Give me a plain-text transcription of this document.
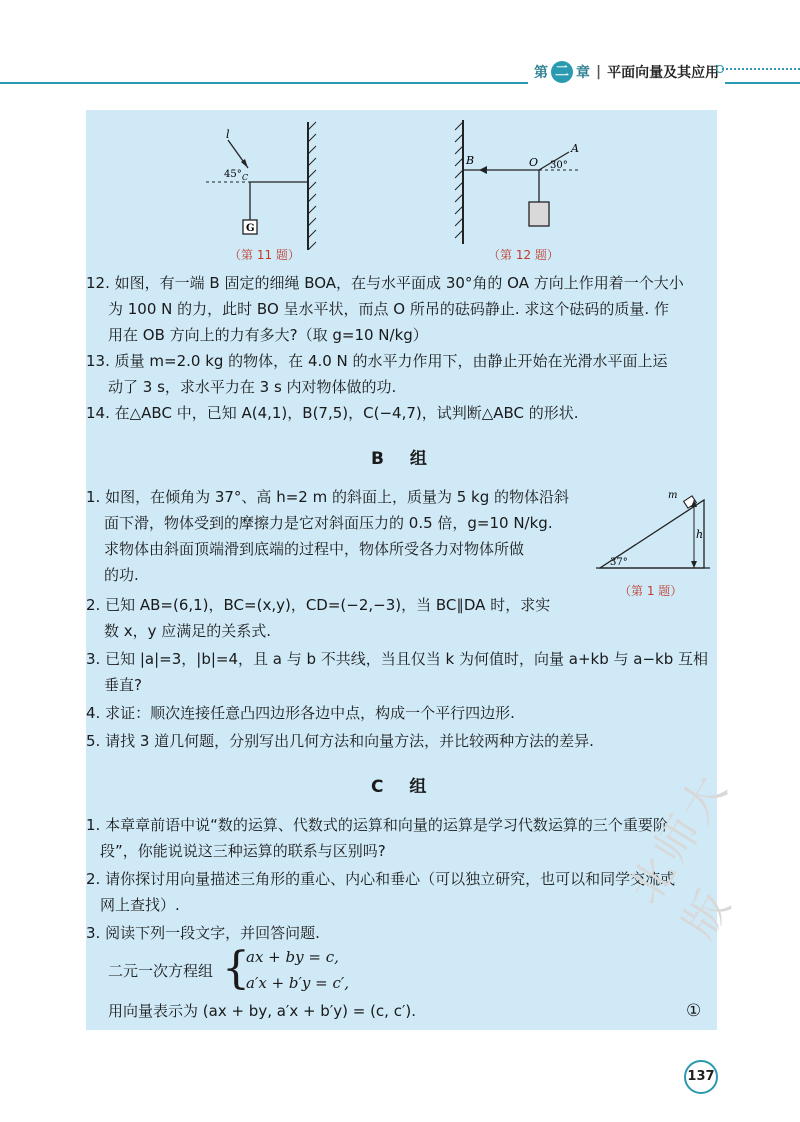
第 二 章 | 平面向量及其应用
G
l
45° C
（第 11 题）
B	O
A
30°
（第 12 题）
12. 如图，有一端 B 固定的细绳 BOA，在与水平面成 30°角的 OA 方向上作用着一个大小
为 100 N 的力，此时 BO 呈水平状，而点 O 所吊的砝码静止. 求这个砝码的质量. 作
用在 OB 方向上的力有多大?（取 g=10 N/kg）
13. 质量 m=2.0 kg 的物体，在 4.0 N 的水平力作用下，由静止开始在光滑水平面上运
动了 3 s，求水平力在 3 s 内对物体做的功.
14. 在△ABC 中，已知 A(4,1)，B(7,5)，C(−4,7)，试判断△ABC 的形状.
B 组
h
m
37°
（第 1 题）
1. 如图，在倾角为 37°、高 h=2 m 的斜面上，质量为 5 kg 的物体沿斜
面下滑，物体受到的摩擦力是它对斜面压力的 0.5 倍，g=10 N/kg.
求物体由斜面顶端滑到底端的过程中，物体所受各力对物体所做
的功.
2. 已知 AB=(6,1)，BC=(x,y)，CD=(−2,−3)，当 BC∥DA 时，求实
数 x，y 应满足的关系式.
3. 已知 |a|=3，|b|=4，且 a 与 b 不共线，当且仅当 k 为何值时，向量 a+kb 与 a−kb 互相
垂直?
4. 求证：顺次连接任意凸四边形各边中点，构成一个平行四边形.
5. 请找 3 道几何题，分别写出几何方法和向量方法，并比较两种方法的差异.
C 组
1. 本章章前语中说“数的运算、代数式的运算和向量的运算是学习代数运算的三个重要阶
段”，你能说说这三种运算的联系与区别吗?
2. 请你探讨用向量描述三角形的重心、内心和垂心（可以独立研究，也可以和同学交流或
网上查找）.
3. 阅读下列一段文字，并回答问题.
二元一次方程组 {
ax + by = c,
a′x + b′y = c′,
用向量表示为 (ax + by, a′x + b′y) = (c, c′).	①
北师大版
137
